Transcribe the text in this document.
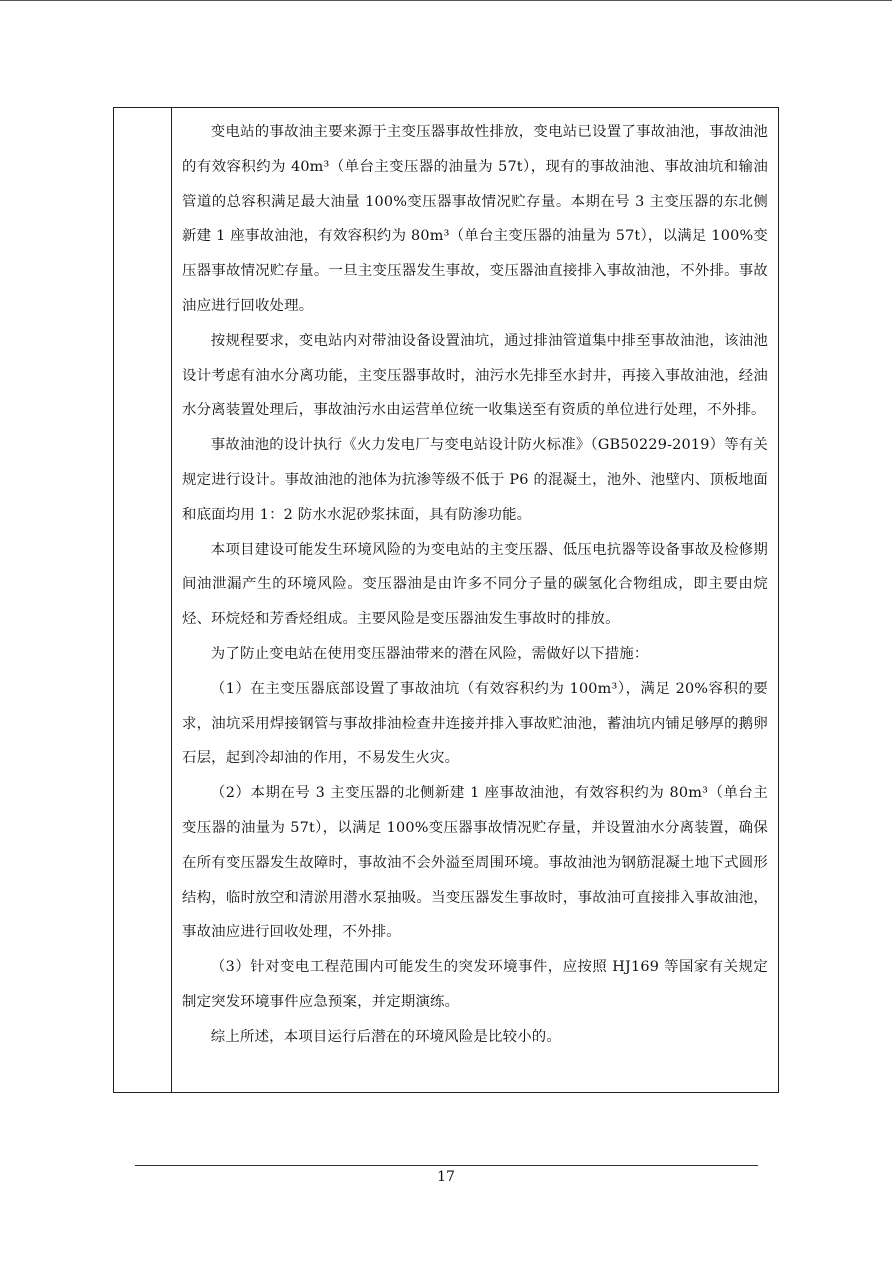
变电站的事故油主要来源于主变压器事故性排放，变电站已设置了事故油池，事故油池的有效容积约为 40m³（单台主变压器的油量为 57t），现有的事故油池、事故油坑和输油管道的总容积满足最大油量 100%变压器事故情况贮存量。本期在号 3 主变压器的东北侧新建 1 座事故油池，有效容积约为 80m³（单台主变压器的油量为 57t），以满足 100%变压器事故情况贮存量。一旦主变压器发生事故，变压器油直接排入事故油池，不外排。事故油应进行回收处理。

按规程要求，变电站内对带油设备设置油坑，通过排油管道集中排至事故油池，该油池设计考虑有油水分离功能，主变压器事故时，油污水先排至水封井，再接入事故油池，经油水分离装置处理后，事故油污水由运营单位统一收集送至有资质的单位进行处理，不外排。

事故油池的设计执行《火力发电厂与变电站设计防火标准》（GB50229-2019）等有关规定进行设计。事故油池的池体为抗渗等级不低于 P6 的混凝土，池外、池壁内、顶板地面和底面均用 1：2 防水水泥砂浆抹面，具有防渗功能。

本项目建设可能发生环境风险的为变电站的主变压器、低压电抗器等设备事故及检修期间油泄漏产生的环境风险。变压器油是由许多不同分子量的碳氢化合物组成，即主要由烷烃、环烷烃和芳香烃组成。主要风险是变压器油发生事故时的排放。

为了防止变电站在使用变压器油带来的潜在风险，需做好以下措施：

（1）在主变压器底部设置了事故油坑（有效容积约为 100m³），满足 20%容积的要求，油坑采用焊接钢管与事故排油检查井连接并排入事故贮油池，蓄油坑内铺足够厚的鹅卵石层，起到冷却油的作用，不易发生火灾。

（2）本期在号 3 主变压器的北侧新建 1 座事故油池，有效容积约为 80m³（单台主变压器的油量为 57t），以满足 100%变压器事故情况贮存量，并设置油水分离装置，确保在所有变压器发生故障时，事故油不会外溢至周围环境。事故油池为钢筋混凝土地下式圆形结构，临时放空和清淤用潜水泵抽吸。当变压器发生事故时，事故油可直接排入事故油池，事故油应进行回收处理，不外排。

（3）针对变电工程范围内可能发生的突发环境事件，应按照 HJ169 等国家有关规定制定突发环境事件应急预案，并定期演练。

综上所述，本项目运行后潜在的环境风险是比较小的。

17
